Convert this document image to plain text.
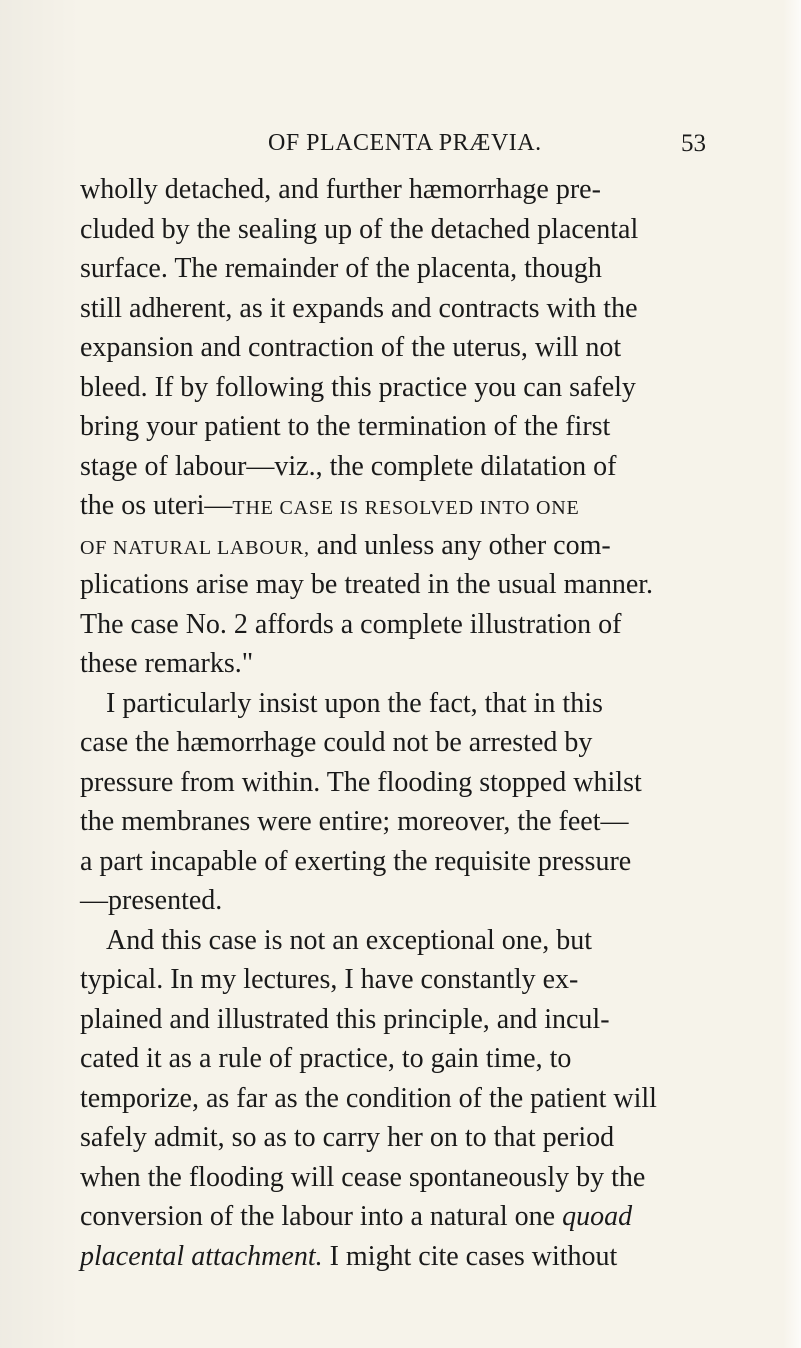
OF PLACENTA PRÆVIA.	53
wholly detached, and further hæmorrhage pre-
cluded by the sealing up of the detached placental
surface. The remainder of the placenta, though
still adherent, as it expands and contracts with the
expansion and contraction of the uterus, will not
bleed. If by following this practice you can safely
bring your patient to the termination of the first
stage of labour—viz., the complete dilatation of
the os uteri—THE CASE IS RESOLVED INTO ONE
OF NATURAL LABOUR, and unless any other com-
plications arise may be treated in the usual manner.
The case No. 2 affords a complete illustration of
these remarks."
I particularly insist upon the fact, that in this
case the hæmorrhage could not be arrested by
pressure from within. The flooding stopped whilst
the membranes were entire; moreover, the feet—
a part incapable of exerting the requisite pressure
—presented.
And this case is not an exceptional one, but
typical. In my lectures, I have constantly ex-
plained and illustrated this principle, and incul-
cated it as a rule of practice, to gain time, to
temporize, as far as the condition of the patient will
safely admit, so as to carry her on to that period
when the flooding will cease spontaneously by the
conversion of the labour into a natural one quoad
placental attachment. I might cite cases without
